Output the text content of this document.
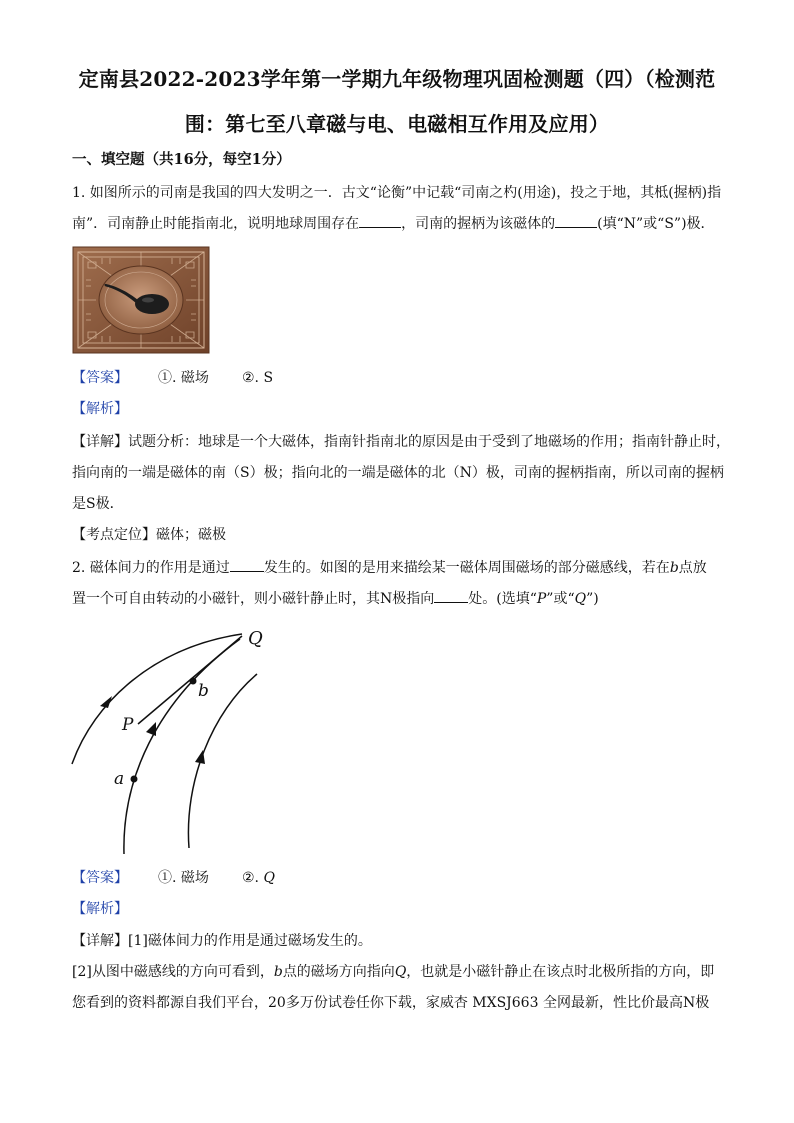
定南县2022-2023学年第一学期九年级物理巩固检测题（四）（检测范
围：第七至八章磁与电、电磁相互作用及应用）
一、填空题（共16分，每空1分）
1. 如图所示的司南是我国的四大发明之一．古文“论衡”中记载“司南之杓(用途)，投之于地，其柢(握柄)指
南”．司南静止时能指南北，说明地球周围存在	，司南的握柄为该磁体的	(填“N”或“S”)极．
【答案】 ①. 磁场 ②. S
【解析】
【详解】试题分析：地球是一个大磁体，指南针指南北的原因是由于受到了地磁场的作用；指南针静止时，
指向南的一端是磁体的南（S）极；指向北的一端是磁体的北（N）极，司南的握柄指南，所以司南的握柄
是S极．
【考点定位】磁体；磁极
2. 磁体间力的作用是通过 发生的。如图的是用来描绘某一磁体周围磁场的部分磁感线，若在b点放
置一个可自由转动的小磁针，则小磁针静止时，其N极指向 处。(选填“P”或“Q”)
Q
b
P
a
【答案】 ①. 磁场 ②. Q
【解析】
【详解】[1]磁体间力的作用是通过磁场发生的。
[2]从图中磁感线的方向可看到，b点的磁场方向指向Q，也就是小磁针静止在该点时北极所指的方向，即
您看到的资料都源自我们平台，20多万份试卷任你下载，家威杏 MXSJ663 全网最新，性比价最高N极
